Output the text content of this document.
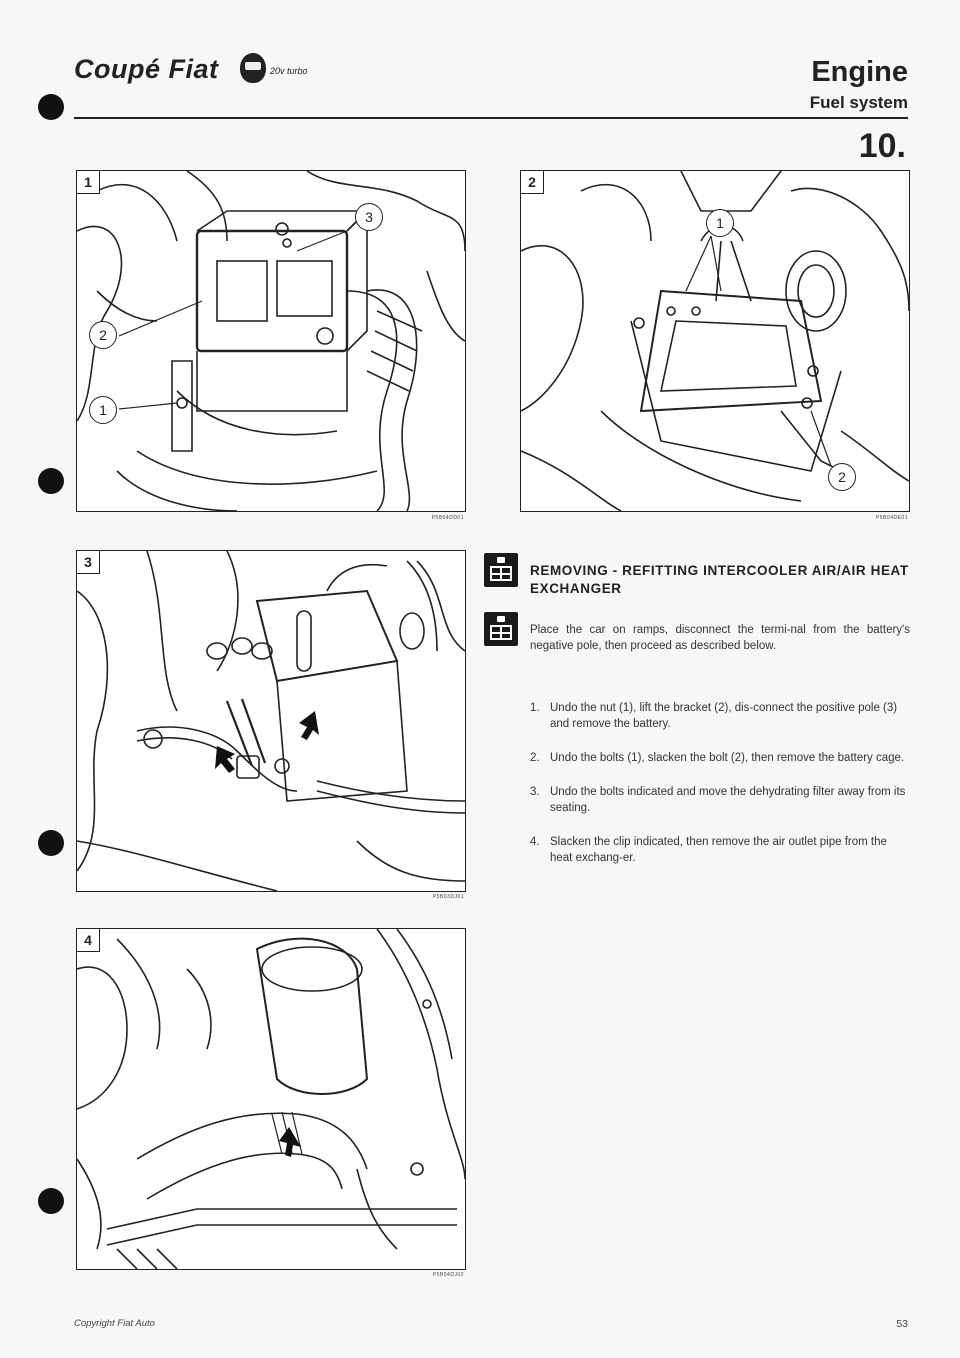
Coupé Fiat	20v turbo	Engine
Fuel system
10.
1
3
2
1
P5B04DD01
2
1
2
P5B04DE01
3
P5B03DJ01
4
P5B04DJ02
REMOVING - REFITTING INTERCOOLER AIR/AIR HEAT EXCHANGER
Place the car on ramps, disconnect the termi-nal from the battery's negative pole, then proceed as described below.
1. Undo the nut (1), lift the bracket (2), dis-connect the positive pole (3) and remove the battery.
2. Undo the bolts (1), slacken the bolt (2), then remove the battery cage.
3. Undo the bolts indicated and move the dehydrating filter away from its seating.
4. Slacken the clip indicated, then remove the air outlet pipe from the heat exchang-er.
Copyright Fiat Auto	53
